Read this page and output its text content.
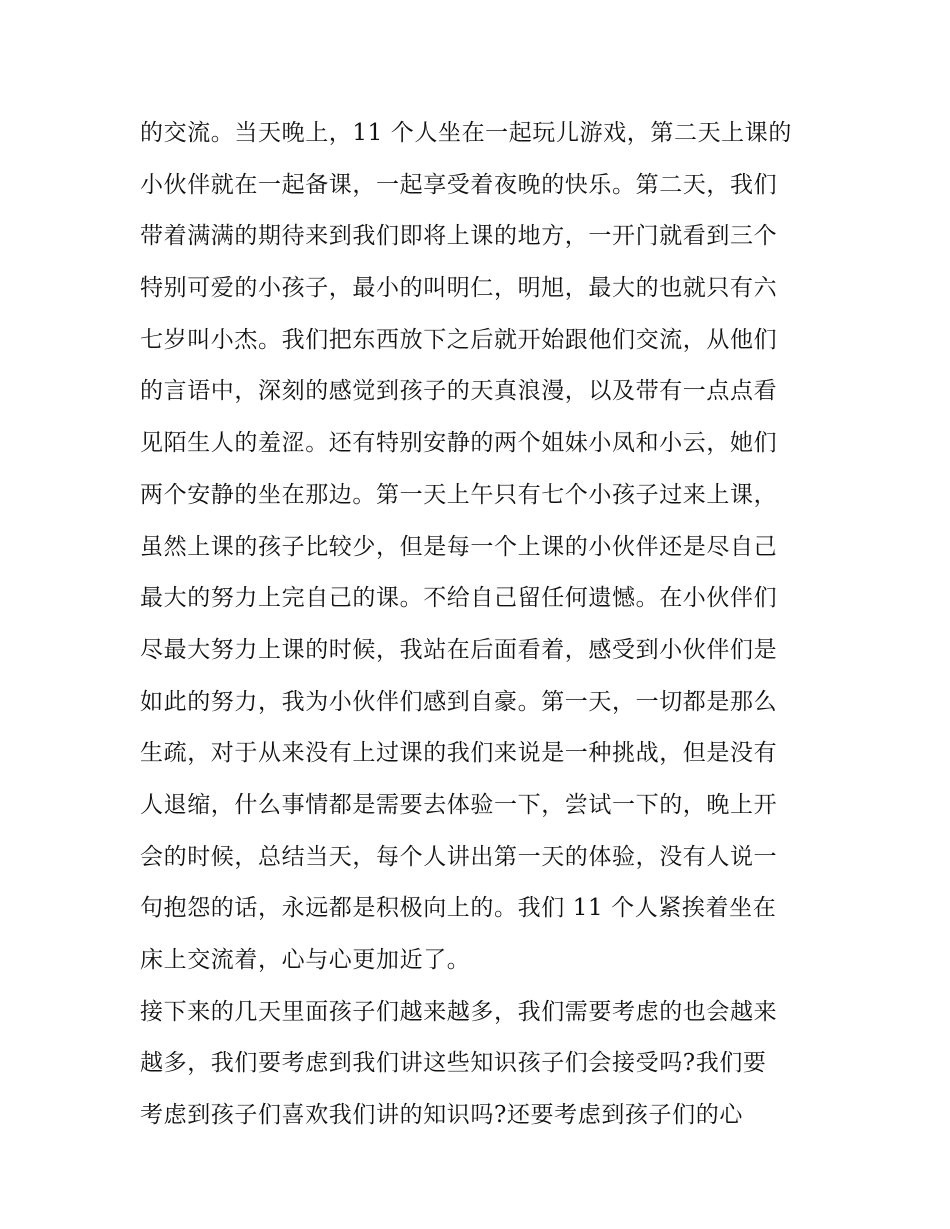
的交流。当天晚上，11 个人坐在一起玩儿游戏，第二天上课的
小伙伴就在一起备课，一起享受着夜晚的快乐。第二天，我们
带着满满的期待来到我们即将上课的地方，一开门就看到三个
特别可爱的小孩子，最小的叫明仁，明旭，最大的也就只有六
七岁叫小杰。我们把东西放下之后就开始跟他们交流，从他们
的言语中，深刻的感觉到孩子的天真浪漫，以及带有一点点看
见陌生人的羞涩。还有特别安静的两个姐妹小凤和小云，她们
两个安静的坐在那边。第一天上午只有七个小孩子过来上课，
虽然上课的孩子比较少，但是每一个上课的小伙伴还是尽自己
最大的努力上完自己的课。不给自己留任何遗憾。在小伙伴们
尽最大努力上课的时候，我站在后面看着，感受到小伙伴们是
如此的努力，我为小伙伴们感到自豪。第一天，一切都是那么
生疏，对于从来没有上过课的我们来说是一种挑战，但是没有
人退缩，什么事情都是需要去体验一下，尝试一下的，晚上开
会的时候，总结当天，每个人讲出第一天的体验，没有人说一
句抱怨的话，永远都是积极向上的。我们 11 个人紧挨着坐在
床上交流着，心与心更加近了。
接下来的几天里面孩子们越来越多，我们需要考虑的也会越来
越多，我们要考虑到我们讲这些知识孩子们会接受吗?我们要
考虑到孩子们喜欢我们讲的知识吗?还要考虑到孩子们的心
